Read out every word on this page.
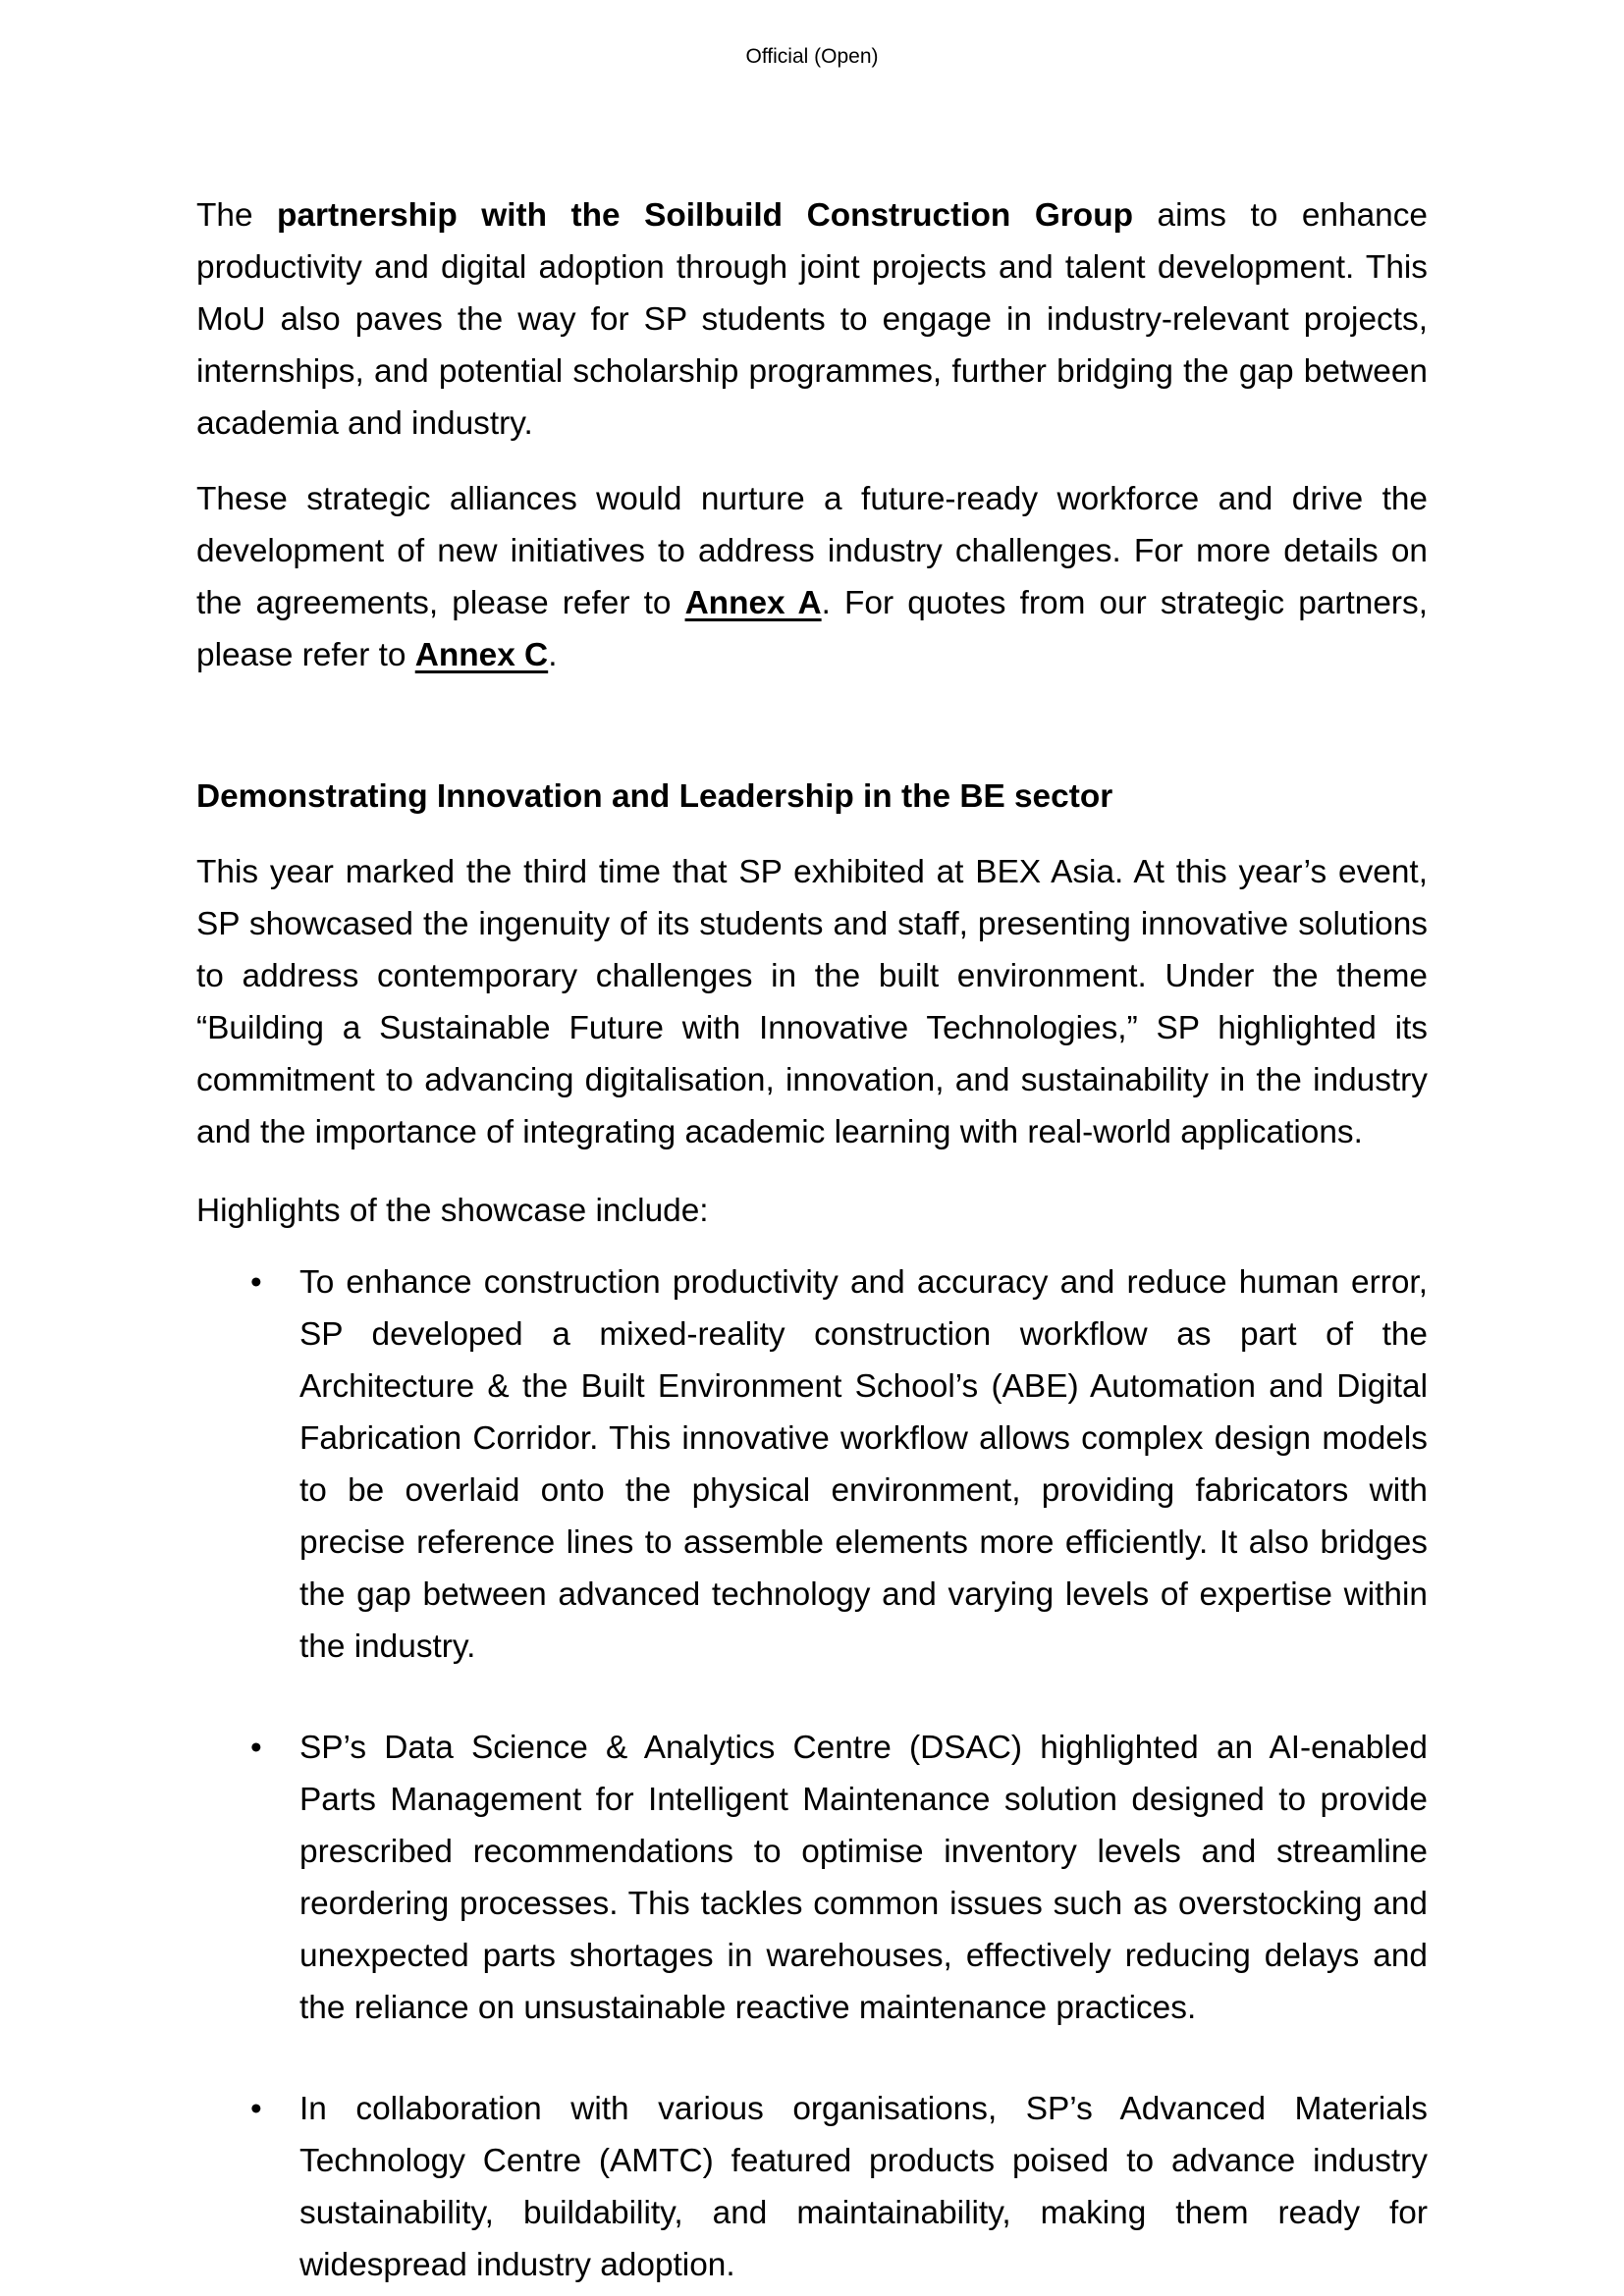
Official (Open)

The partnership with the Soilbuild Construction Group aims to enhance productivity and digital adoption through joint projects and talent development. This MoU also paves the way for SP students to engage in industry-relevant projects, internships, and potential scholarship programmes, further bridging the gap between academia and industry.

These strategic alliances would nurture a future-ready workforce and drive the development of new initiatives to address industry challenges. For more details on the agreements, please refer to Annex A. For quotes from our strategic partners, please refer to Annex C.

Demonstrating Innovation and Leadership in the BE sector

This year marked the third time that SP exhibited at BEX Asia. At this year’s event, SP showcased the ingenuity of its students and staff, presenting innovative solutions to address contemporary challenges in the built environment. Under the theme “Building a Sustainable Future with Innovative Technologies,” SP highlighted its commitment to advancing digitalisation, innovation, and sustainability in the industry and the importance of integrating academic learning with real-world applications.

Highlights of the showcase include:

• To enhance construction productivity and accuracy and reduce human error, SP developed a mixed-reality construction workflow as part of the Architecture & the Built Environment School’s (ABE) Automation and Digital Fabrication Corridor. This innovative workflow allows complex design models to be overlaid onto the physical environment, providing fabricators with precise reference lines to assemble elements more efficiently. It also bridges the gap between advanced technology and varying levels of expertise within the industry.
• SP’s Data Science & Analytics Centre (DSAC) highlighted an AI-enabled Parts Management for Intelligent Maintenance solution designed to provide prescribed recommendations to optimise inventory levels and streamline reordering processes. This tackles common issues such as overstocking and unexpected parts shortages in warehouses, effectively reducing delays and the reliance on unsustainable reactive maintenance practices.
• In collaboration with various organisations, SP’s Advanced Materials Technology Centre (AMTC) featured products poised to advance industry sustainability, buildability, and maintainability, making them ready for widespread industry adoption.
